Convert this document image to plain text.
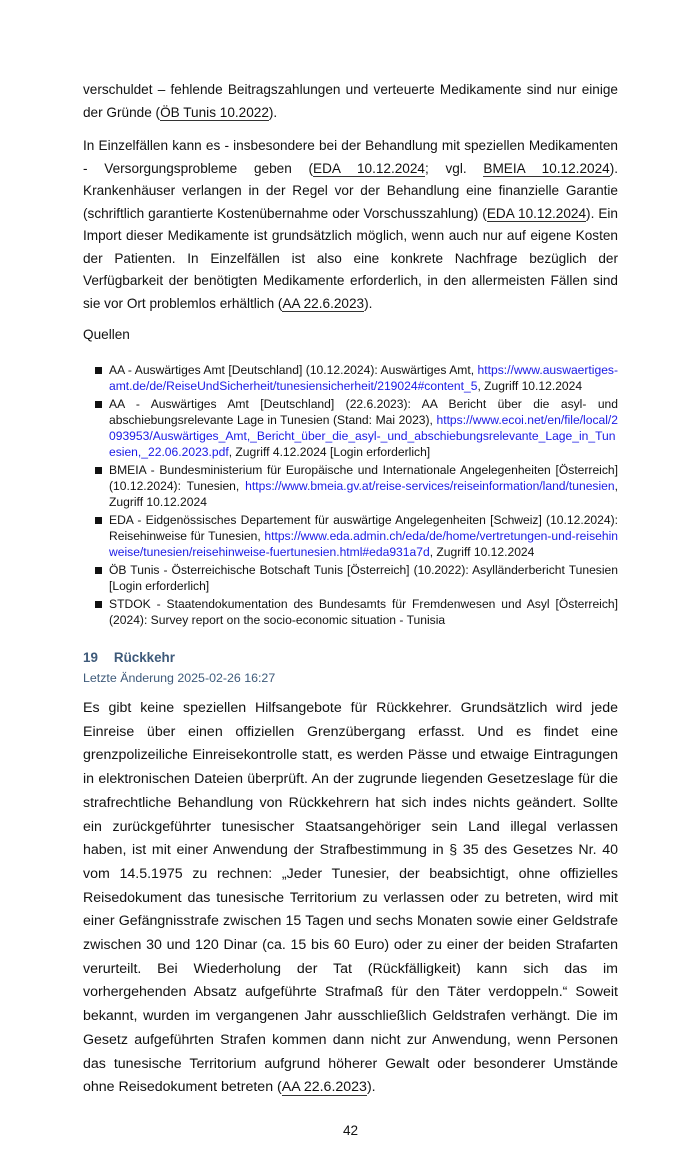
verschuldet – fehlende Beitragszahlungen und verteuerte Medikamente sind nur einige der Gründe (ÖB Tunis 10.2022).

In Einzelfällen kann es - insbesondere bei der Behandlung mit speziellen Medikamenten - Versorgungsprobleme geben (EDA 10.12.2024; vgl. BMEIA 10.12.2024). Krankenhäuser verlangen in der Regel vor der Behandlung eine finanzielle Garantie (schriftlich garantierte Kostenübernahme oder Vorschusszahlung) (EDA 10.12.2024). Ein Import dieser Medikamente ist grundsätzlich möglich, wenn auch nur auf eigene Kosten der Patienten. In Einzelfällen ist also eine konkrete Nachfrage bezüglich der Verfügbarkeit der benötigten Medikamente erforderlich, in den allermeisten Fällen sind sie vor Ort problemlos erhältlich (AA 22.6.2023).

Quellen
AA - Auswärtiges Amt [Deutschland] (10.12.2024): Auswärtiges Amt, https://www.auswaertiges-amt.de/de/ReiseUndSicherheit/tunesiensicherheit/219024#content_5, Zugriff 10.12.2024
AA - Auswärtiges Amt [Deutschland] (22.6.2023): AA Bericht über die asyl- und abschiebungsrelevante Lage in Tunesien (Stand: Mai 2023), https://www.ecoi.net/en/file/local/2093953/Auswärtiges_Amt,_Bericht_über_die_asyl-_und_abschiebungsrelevante_Lage_in_Tunesien,_22.06.2023.pdf, Zugriff 4.12.2024 [Login erforderlich]
BMEIA - Bundesministerium für Europäische und Internationale Angelegenheiten [Österreich] (10.12.2024): Tunesien, https://www.bmeia.gv.at/reise-services/reiseinformation/land/tunesien, Zugriff 10.12.2024
EDA - Eidgenössisches Departement für auswärtige Angelegenheiten [Schweiz] (10.12.2024): Reisehinweise für Tunesien, https://www.eda.admin.ch/eda/de/home/vertretungen-und-reisehinweise/tunesien/reisehinweise-fuertunesien.html#eda931a7d, Zugriff 10.12.2024
ÖB Tunis - Österreichische Botschaft Tunis [Österreich] (10.2022): Asylländerbericht Tunesien [Login erforderlich]
STDOK - Staatendokumentation des Bundesamts für Fremdenwesen und Asyl [Österreich] (2024): Survey report on the socio-economic situation - Tunisia
19 Rückkehr
Letzte Änderung 2025-02-26 16:27

Es gibt keine speziellen Hilfsangebote für Rückkehrer. Grundsätzlich wird jede Einreise über einen offiziellen Grenzübergang erfasst. Und es findet eine grenzpolizeiliche Einreisekontrolle statt, es werden Pässe und etwaige Eintragungen in elektronischen Dateien überprüft. An der zugrunde liegenden Gesetzeslage für die strafrechtliche Behandlung von Rückkehrern hat sich indes nichts geändert. Sollte ein zurückgeführter tunesischer Staatsangehöriger sein Land illegal verlassen haben, ist mit einer Anwendung der Strafbestimmung in § 35 des Gesetzes Nr. 40 vom 14.5.1975 zu rechnen: „Jeder Tunesier, der beabsichtigt, ohne offizielles Reisedokument das tunesische Territorium zu verlassen oder zu betreten, wird mit einer Gefängnisstrafe zwischen 15 Tagen und sechs Monaten sowie einer Geldstrafe zwischen 30 und 120 Dinar (ca. 15 bis 60 Euro) oder zu einer der beiden Strafarten verurteilt. Bei Wiederholung der Tat (Rückfälligkeit) kann sich das im vorhergehenden Absatz aufgeführte Strafmaß für den Täter verdoppeln.“ Soweit bekannt, wurden im vergangenen Jahr ausschließlich Geldstrafen verhängt. Die im Gesetz aufgeführten Strafen kommen dann nicht zur Anwendung, wenn Personen das tunesische Territorium aufgrund höherer Gewalt oder besonderer Umstände ohne Reisedokument betreten (AA 22.6.2023).

42
